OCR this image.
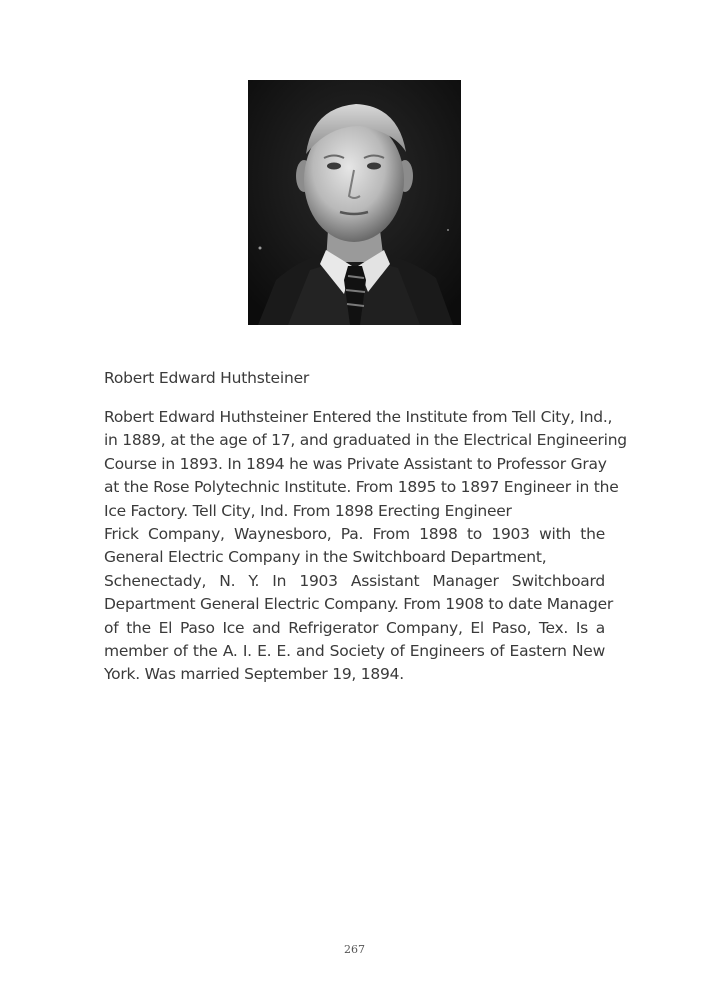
Robert Edward Huthsteiner
Robert Edward Huthsteiner Entered the Institute from Tell City, Ind.,
in 1889, at the age of 17, and graduated in the Electrical Engineering
Course in 1893. In 1894 he was Private Assistant to Professor Gray
at the Rose Polytechnic Institute. From 1895 to 1897 Engineer in the
Ice Factory. Tell City, Ind. From 1898 Erecting Engineer
Frick Company, Waynesboro, Pa. From 1898 to 1903 with the
General Electric Company in the Switchboard Department,
Schenectady, N. Y. In 1903 Assistant Manager Switchboard
Department General Electric Company. From 1908 to date Manager
of the El Paso Ice and Refrigerator Company, El Paso, Tex. Is a
member of the A. I. E. E. and Society of Engineers of Eastern New
York. Was married September 19, 1894.
267
